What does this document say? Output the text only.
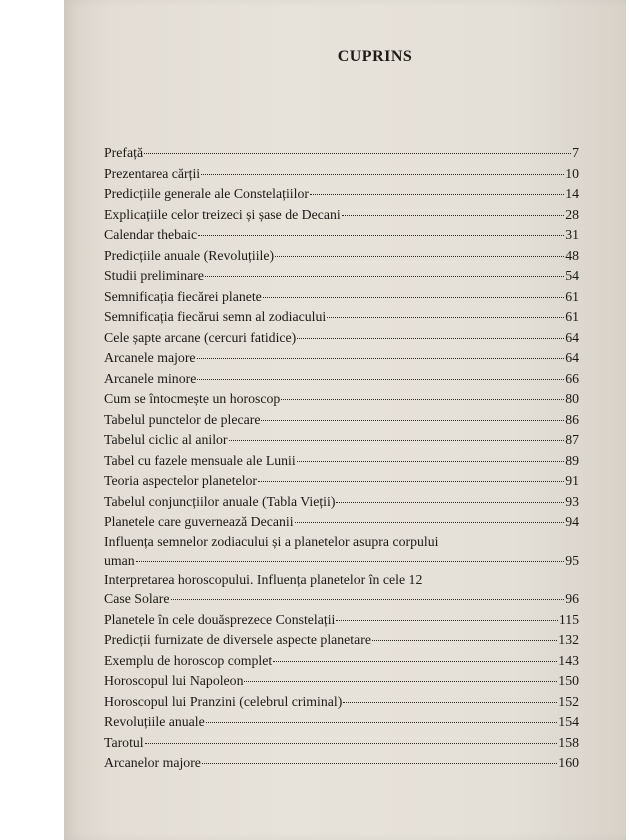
CUPRINS
Prefață	7
Prezentarea cărții	10
Predicțiile generale ale Constelațiilor	14
Explicațiile celor treizeci și șase de Decani	28
Calendar thebaic	31
Predicțiile anuale (Revoluțiile)	48
Studii preliminare	54
Semnificația fiecărei planete	61
Semnificația fiecărui semn al zodiacului	61
Cele șapte arcane (cercuri fatidice)	64
Arcanele majore	64
Arcanele minore	66
Cum se întocmește un horoscop	80
Tabelul punctelor de plecare	86
Tabelul ciclic al anilor	87
Tabel cu fazele mensuale ale Lunii	89
Teoria aspectelor planetelor	91
Tabelul conjuncțiilor anuale (Tabla Vieții)	93
Planetele care guvernează Decanii	94
Influența semnelor zodiacului și a planetelor asupra corpului
uman	95
Interpretarea horoscopului. Influența planetelor în cele 12
Case Solare	96
Planetele în cele douăsprezece Constelații	115
Predicții furnizate de diversele aspecte planetare	132
Exemplu de horoscop complet	143
Horoscopul lui Napoleon	150
Horoscopul lui Pranzini (celebrul criminal)	152
Revoluțiile anuale	154
Tarotul	158
Arcanelor majore	160
